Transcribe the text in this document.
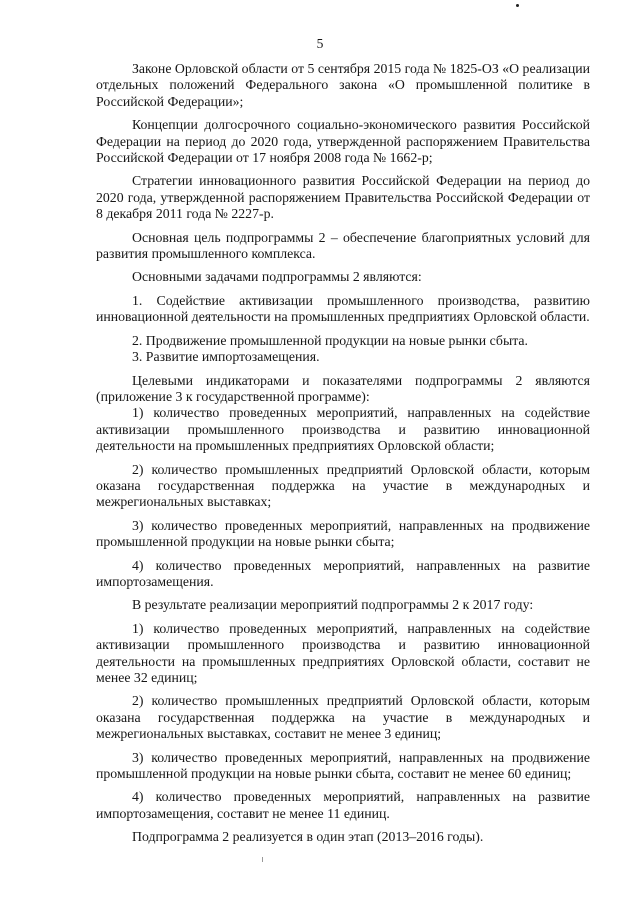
5

Законе Орловской области от 5 сентября 2015 года № 1825-ОЗ «О реализации отдельных положений Федерального закона «О промышленной политике в Российской Федерации»;

Концепции долгосрочного социально-экономического развития Российской Федерации на период до 2020 года, утвержденной распоряжением Правительства Российской Федерации от 17 ноября 2008 года № 1662-р;

Стратегии инновационного развития Российской Федерации на период до 2020 года, утвержденной распоряжением Правительства Российской Федерации от 8 декабря 2011 года № 2227-р.

Основная цель подпрограммы 2 – обеспечение благоприятных условий для развития промышленного комплекса.

Основными задачами подпрограммы 2 являются:

1. Содействие активизации промышленного производства, развитию инновационной деятельности на промышленных предприятиях Орловской области.

2. Продвижение промышленной продукции на новые рынки сбыта.

3. Развитие импортозамещения.

Целевыми индикаторами и показателями подпрограммы 2 являются (приложение 3 к государственной программе):

1) количество проведенных мероприятий, направленных на содействие активизации промышленного производства и развитию инновационной деятельности на промышленных предприятиях Орловской области;

2) количество промышленных предприятий Орловской области, которым оказана государственная поддержка на участие в международных и межрегиональных выставках;

3) количество проведенных мероприятий, направленных на продвижение промышленной продукции на новые рынки сбыта;

4) количество проведенных мероприятий, направленных на развитие импортозамещения.

В результате реализации мероприятий подпрограммы 2 к 2017 году:

1) количество проведенных мероприятий, направленных на содействие активизации промышленного производства и развитию инновационной деятельности на промышленных предприятиях Орловской области, составит не менее 32 единиц;

2) количество промышленных предприятий Орловской области, которым оказана государственная поддержка на участие в международных и межрегиональных выставках, составит не менее 3 единиц;

3) количество проведенных мероприятий, направленных на продвижение промышленной продукции на новые рынки сбыта, составит не менее 60 единиц;

4) количество проведенных мероприятий, направленных на развитие импортозамещения, составит не менее 11 единиц.

Подпрограмма 2 реализуется в один этап (2013–2016 годы).
